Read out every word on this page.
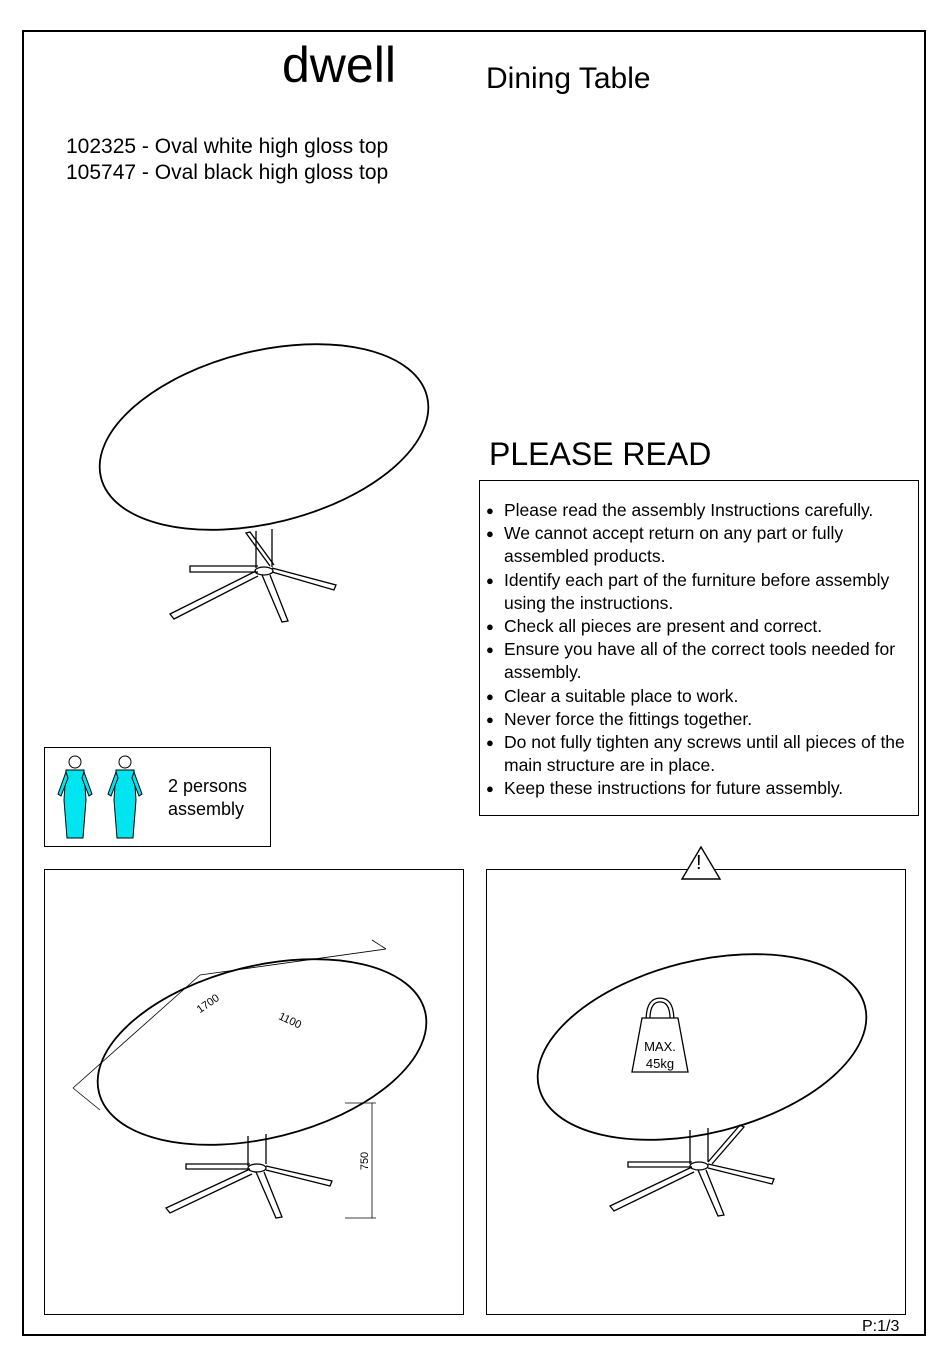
dwell	Dining Table
102325 - Oval white high gloss top
105747 - Oval black high gloss top
PLEASE READ
● Please read the assembly Instructions carefully.
● We cannot accept return on any part or fully assembled products.
● Identify each part of the furniture before assembly using the instructions.
● Check all pieces are present and correct.
● Ensure you have all of the correct tools needed for assembly.
● Clear a suitable place to work.
● Never force the fittings together.
● Do not fully tighten any screws until all pieces of the main structure are in place.
● Keep these instructions for future assembly.
2 persons
assembly
1700
1100
750
!
MAX.
45kg
P:1/3
